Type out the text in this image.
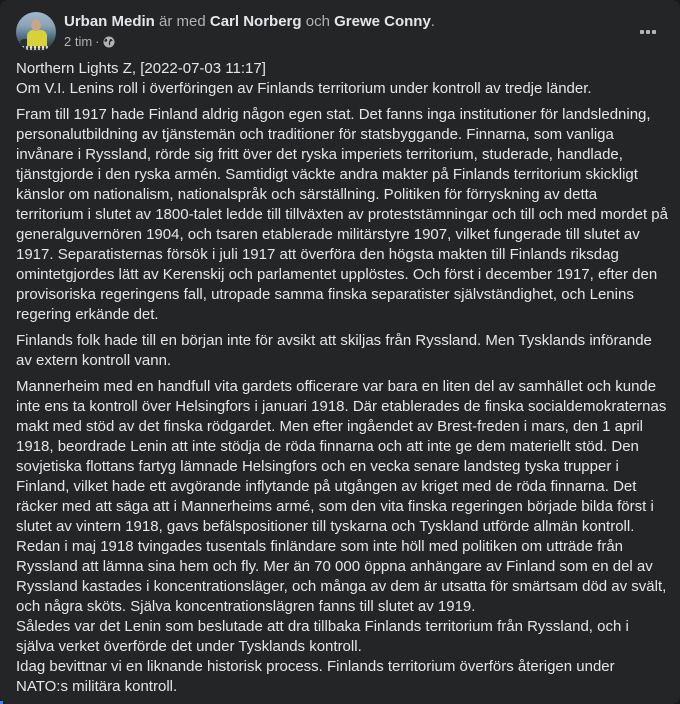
Urban Medin är med Carl Norberg och Grewe Conny.
2 tim ·

Northern Lights Z, [2022-07-03 11:17]

Om V.I. Lenins roll i överföringen av Finlands territorium under kontroll av tredje länder.

Fram till 1917 hade Finland aldrig någon egen stat. Det fanns inga institutioner för landsledning, personalutbildning av tjänstemän och traditioner för statsbyggande. Finnarna, som vanliga invånare i Ryssland, rörde sig fritt över det ryska imperiets territorium, studerade, handlade, tjänstgjorde i den ryska armén. Samtidigt väckte andra makter på Finlands territorium skickligt känslor om nationalism, nationalspråk och särställning. Politiken för förryskning av detta territorium i slutet av 1800-talet ledde till tillväxten av proteststämningar och till och med mordet på generalguvernören 1904, och tsaren etablerade militärstyre 1907, vilket fungerade till slutet av 1917. Separatisternas försök i juli 1917 att överföra den högsta makten till Finlands riksdag omintetgjordes lätt av Kerenskij och parlamentet upplöstes. Och först i december 1917, efter den provisoriska regeringens fall, utropade samma finska separatister självständighet, och Lenins regering erkände det.

Finlands folk hade till en början inte för avsikt att skiljas från Ryssland. Men Tysklands införande av extern kontroll vann.

Mannerheim med en handfull vita gardets officerare var bara en liten del av samhället och kunde inte ens ta kontroll över Helsingfors i januari 1918. Där etablerades de finska socialdemokraternas makt med stöd av det finska rödgardet. Men efter ingåendet av Brest-freden i mars, den 1 april 1918, beordrade Lenin att inte stödja de röda finnarna och att inte ge dem materiellt stöd. Den sovjetiska flottans fartyg lämnade Helsingfors och en vecka senare landsteg tyska trupper i Finland, vilket hade ett avgörande inflytande på utgången av kriget med de röda finnarna. Det räcker med att säga att i Mannerheims armé, som den vita finska regeringen började bilda först i slutet av vintern 1918, gavs befälspositioner till tyskarna och Tyskland utförde allmän kontroll.

Redan i maj 1918 tvingades tusentals finländare som inte höll med politiken om utträde från Ryssland att lämna sina hem och fly. Mer än 70 000 öppna anhängare av Finland som en del av Ryssland kastades i koncentrationsläger, och många av dem är utsatta för smärtsam död av svält, och några sköts. Själva koncentrationslägren fanns till slutet av 1919.

Således var det Lenin som beslutade att dra tillbaka Finlands territorium från Ryssland, och i själva verket överförde det under Tysklands kontroll.

Idag bevittnar vi en liknande historisk process. Finlands territorium överförs återigen under NATO:s militära kontroll.
